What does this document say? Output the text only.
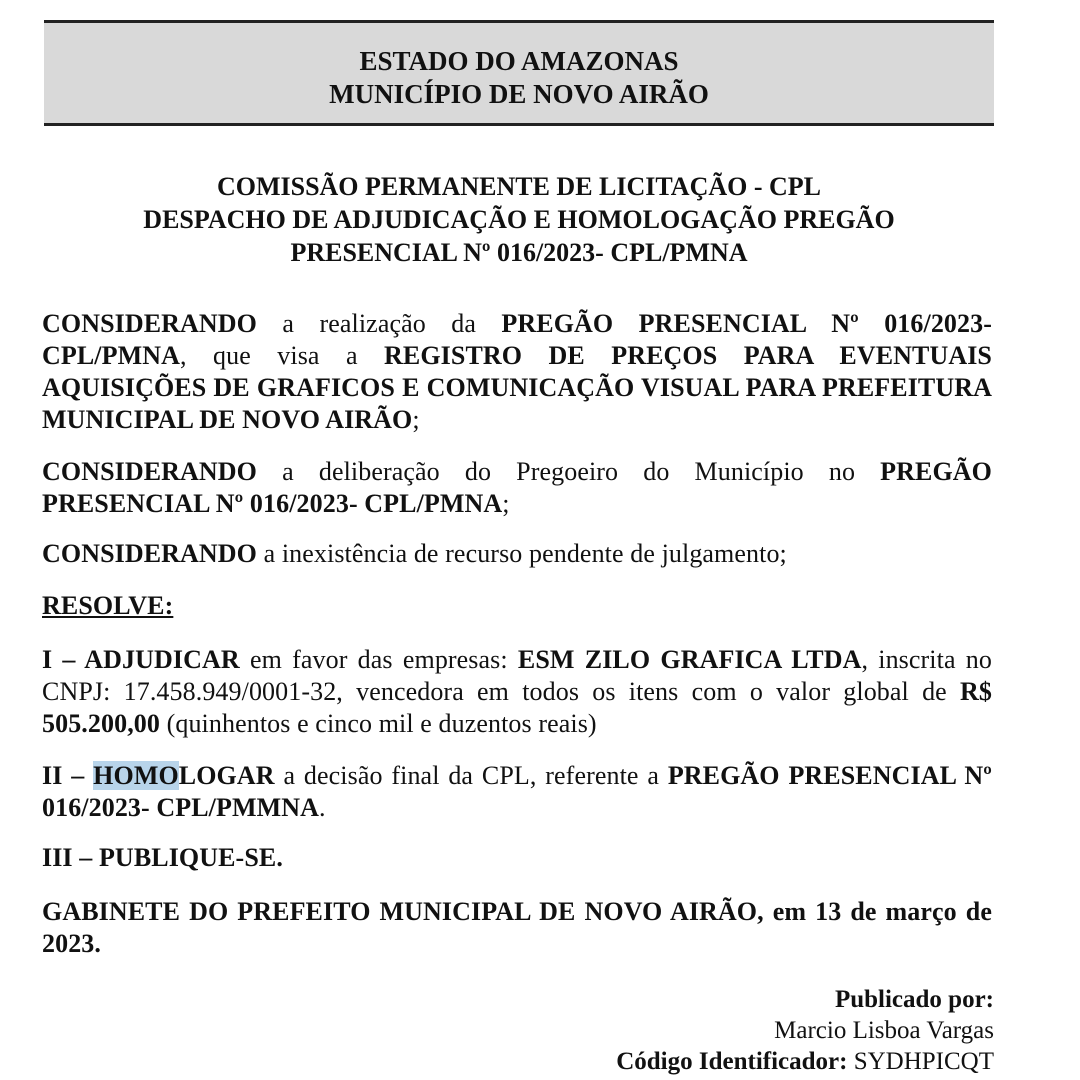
ESTADO DO AMAZONAS
MUNICÍPIO DE NOVO AIRÃO
COMISSÃO PERMANENTE DE LICITAÇÃO - CPL
DESPACHO DE ADJUDICAÇÃO E HOMOLOGAÇÃO PREGÃO
PRESENCIAL Nº 016/2023- CPL/PMNA
CONSIDERANDO a realização da PREGÃO PRESENCIAL Nº 016/2023- CPL/PMNA, que visa a REGISTRO DE PREÇOS PARA EVENTUAIS AQUISIÇÕES DE GRAFICOS E COMUNICAÇÃO VISUAL PARA PREFEITURA MUNICIPAL DE NOVO AIRÃO;
CONSIDERANDO a deliberação do Pregoeiro do Município no PREGÃO PRESENCIAL Nº 016/2023- CPL/PMNA;
CONSIDERANDO a inexistência de recurso pendente de julgamento;
RESOLVE:
I – ADJUDICAR em favor das empresas: ESM ZILO GRAFICA LTDA, inscrita no CNPJ: 17.458.949/0001-32, vencedora em todos os itens com o valor global de R$ 505.200,00 (quinhentos e cinco mil e duzentos reais)
II – HOMOLOGAR a decisão final da CPL, referente a PREGÃO PRESENCIAL Nº 016/2023- CPL/PMMNA.
III – PUBLIQUE-SE.
GABINETE DO PREFEITO MUNICIPAL DE NOVO AIRÃO, em 13 de março de 2023.
Publicado por:
Marcio Lisboa Vargas
Código Identificador: SYDHPICQT
